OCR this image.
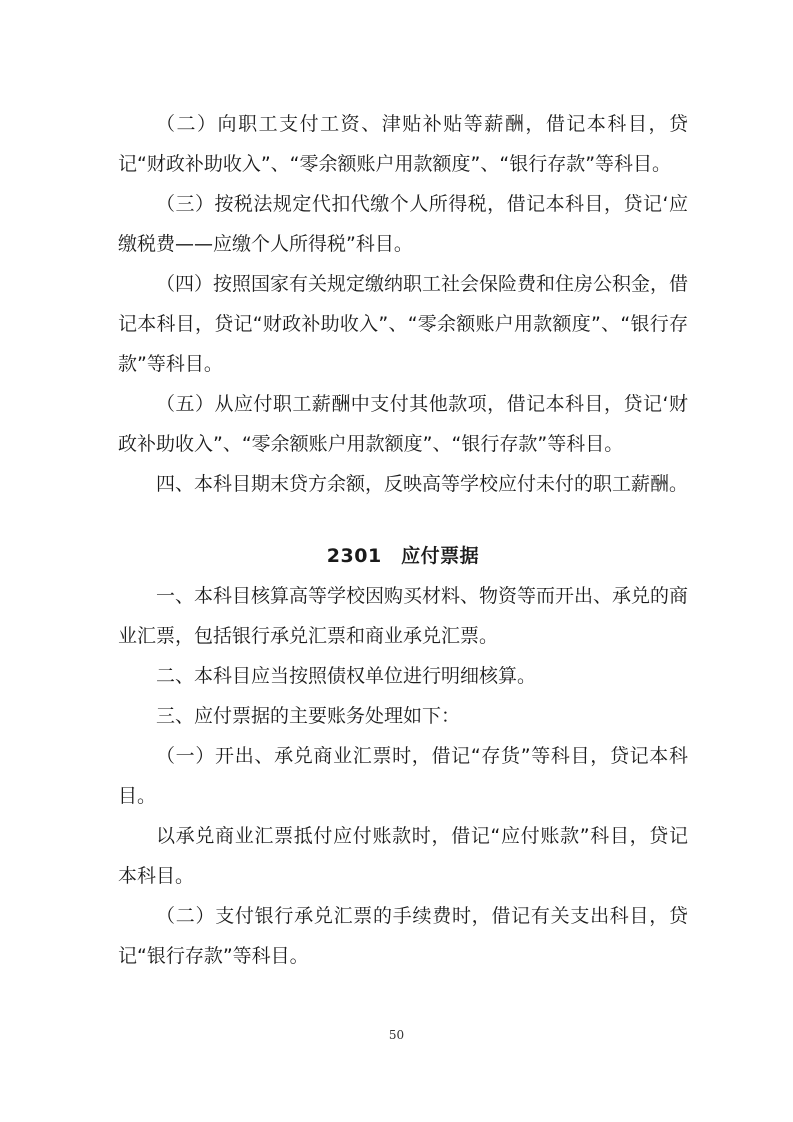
（二）向职工支付工资、津贴补贴等薪酬，借记本科目，贷记“财政补助收入”、“零余额账户用款额度”、“银行存款”等科目。

（三）按税法规定代扣代缴个人所得税，借记本科目，贷记‘应缴税费——应缴个人所得税”科目。

（四）按照国家有关规定缴纳职工社会保险费和住房公积金，借记本科目，贷记“财政补助收入”、“零余额账户用款额度”、“银行存款”等科目。

（五）从应付职工薪酬中支付其他款项，借记本科目，贷记‘财政补助收入”、“零余额账户用款额度”、“银行存款”等科目。

四、本科目期末贷方余额，反映高等学校应付未付的职工薪酬。

2301　应付票据

一、本科目核算高等学校因购买材料、物资等而开出、承兑的商业汇票，包括银行承兑汇票和商业承兑汇票。

二、本科目应当按照债权单位进行明细核算。

三、应付票据的主要账务处理如下：

（一）开出、承兑商业汇票时，借记“存货”等科目，贷记本科目。

以承兑商业汇票抵付应付账款时，借记“应付账款”科目，贷记本科目。

（二）支付银行承兑汇票的手续费时，借记有关支出科目，贷记“银行存款”等科目。

50
